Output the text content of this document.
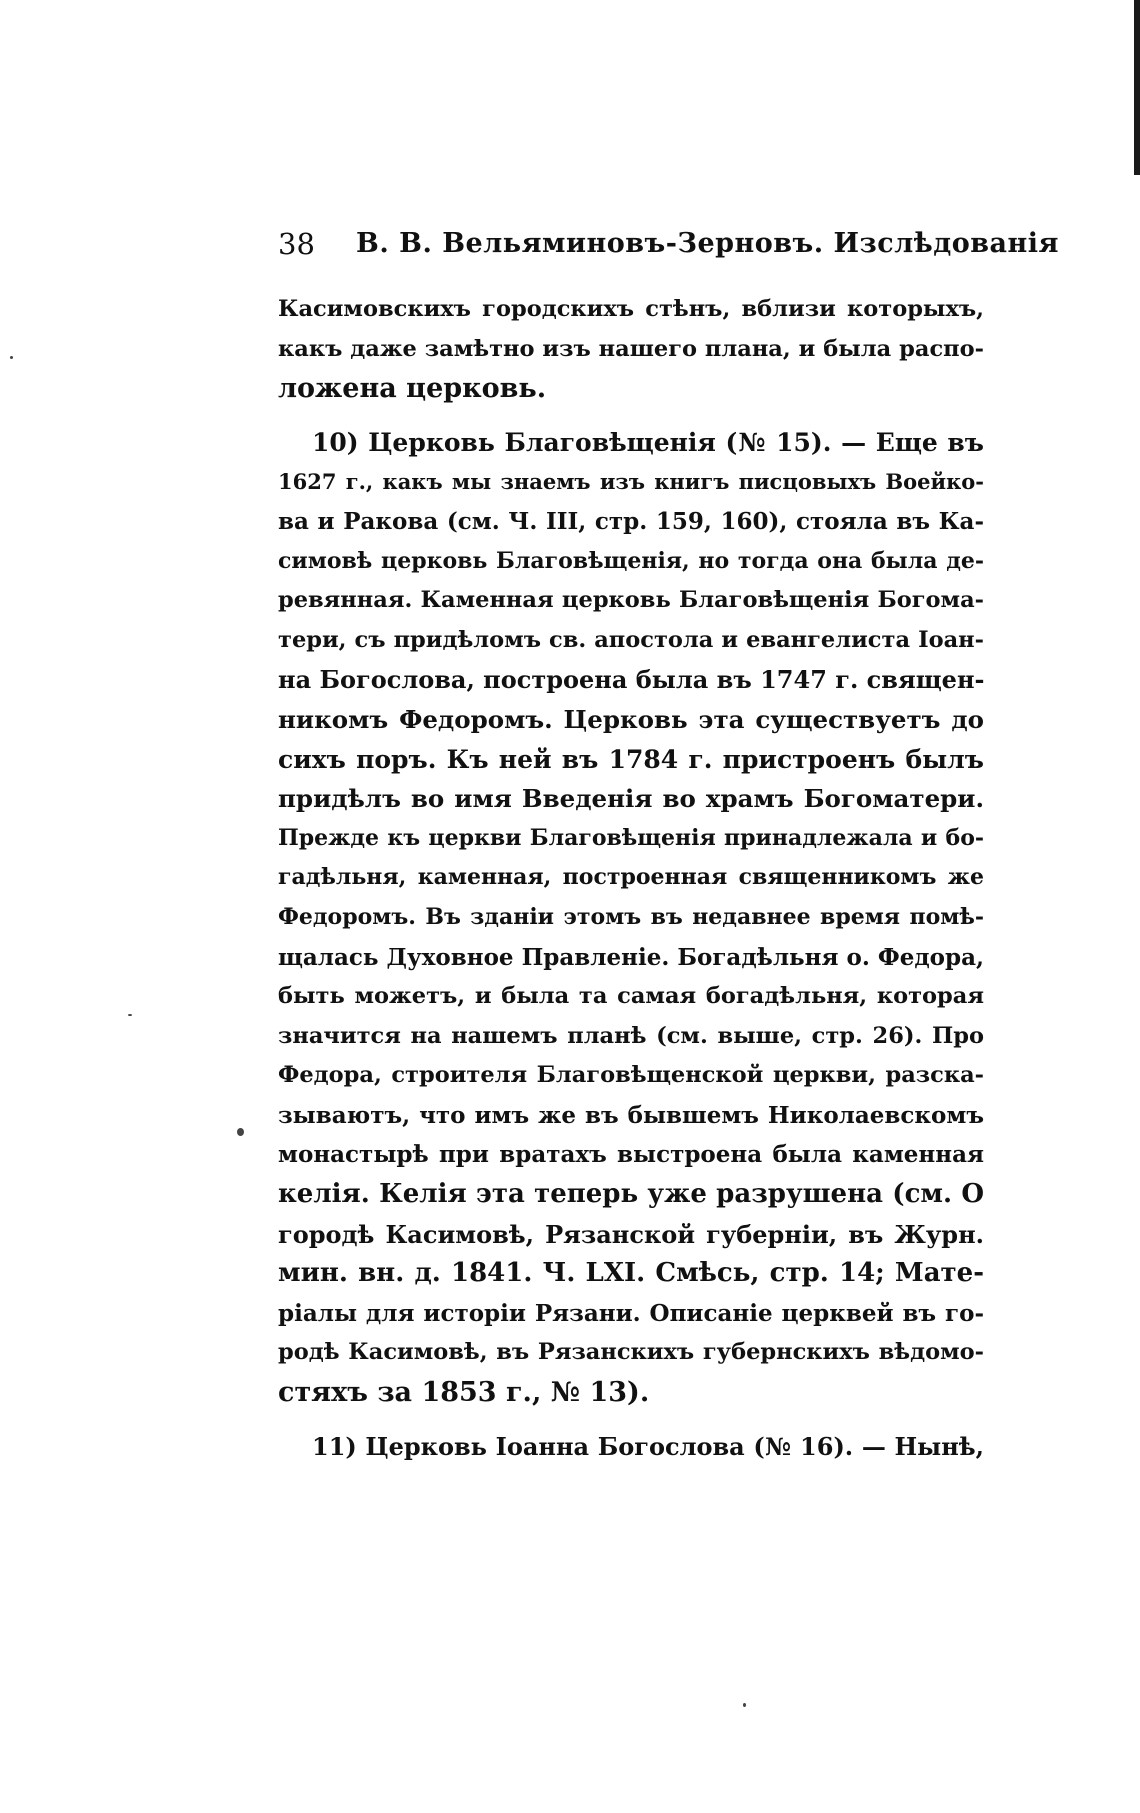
38 В. В. Вельяминовъ-Зерновъ. Изслѣдованія
Касимовскихъ городскихъ стѣнъ, вблизи которыхъ,
какъ даже замѣтно изъ нашего плана, и была распо-
ложена церковь.
10) Церковь Благовѣщенія (№ 15). — Еще въ
1627 г., какъ мы знаемъ изъ книгъ писцовыхъ Воейко-
ва и Ракова (см. Ч. III, стр. 159, 160), стояла въ Ка-
симовѣ церковь Благовѣщенія, но тогда она была де-
ревянная. Каменная церковь Благовѣщенія Богома-
тери, съ придѣломъ св. апостола и евангелиста Іоан-
на Богослова, построена была въ 1747 г. священ-
никомъ Федоромъ. Церковь эта существуетъ до
сихъ поръ. Къ ней въ 1784 г. пристроенъ былъ
придѣлъ во имя Введенія во храмъ Богоматери.
Прежде къ церкви Благовѣщенія принадлежала и бо-
гадѣльня, каменная, построенная священникомъ же
Федоромъ. Въ зданіи этомъ въ недавнее время помѣ-
щалась Духовное Правленіе. Богадѣльня о. Федора,
быть можетъ, и была та самая богадѣльня, которая
значится на нашемъ планѣ (см. выше, стр. 26). Про
Федора, строителя Благовѣщенской церкви, разска-
зываютъ, что имъ же въ бывшемъ Николаевскомъ
монастырѣ при вратахъ выстроена была каменная
келія. Келія эта теперь уже разрушена (см. О
городѣ Касимовѣ, Рязанской губерніи, въ Журн.
мин. вн. д. 1841. Ч. LXI. Смѣсь, стр. 14; Мате-
ріалы для исторіи Рязани. Описаніе церквей въ го-
родѣ Касимовѣ, въ Рязанскихъ губернскихъ вѣдомо-
стяхъ за 1853 г., № 13).
11) Церковь Іоанна Богослова (№ 16). — Нынѣ,
